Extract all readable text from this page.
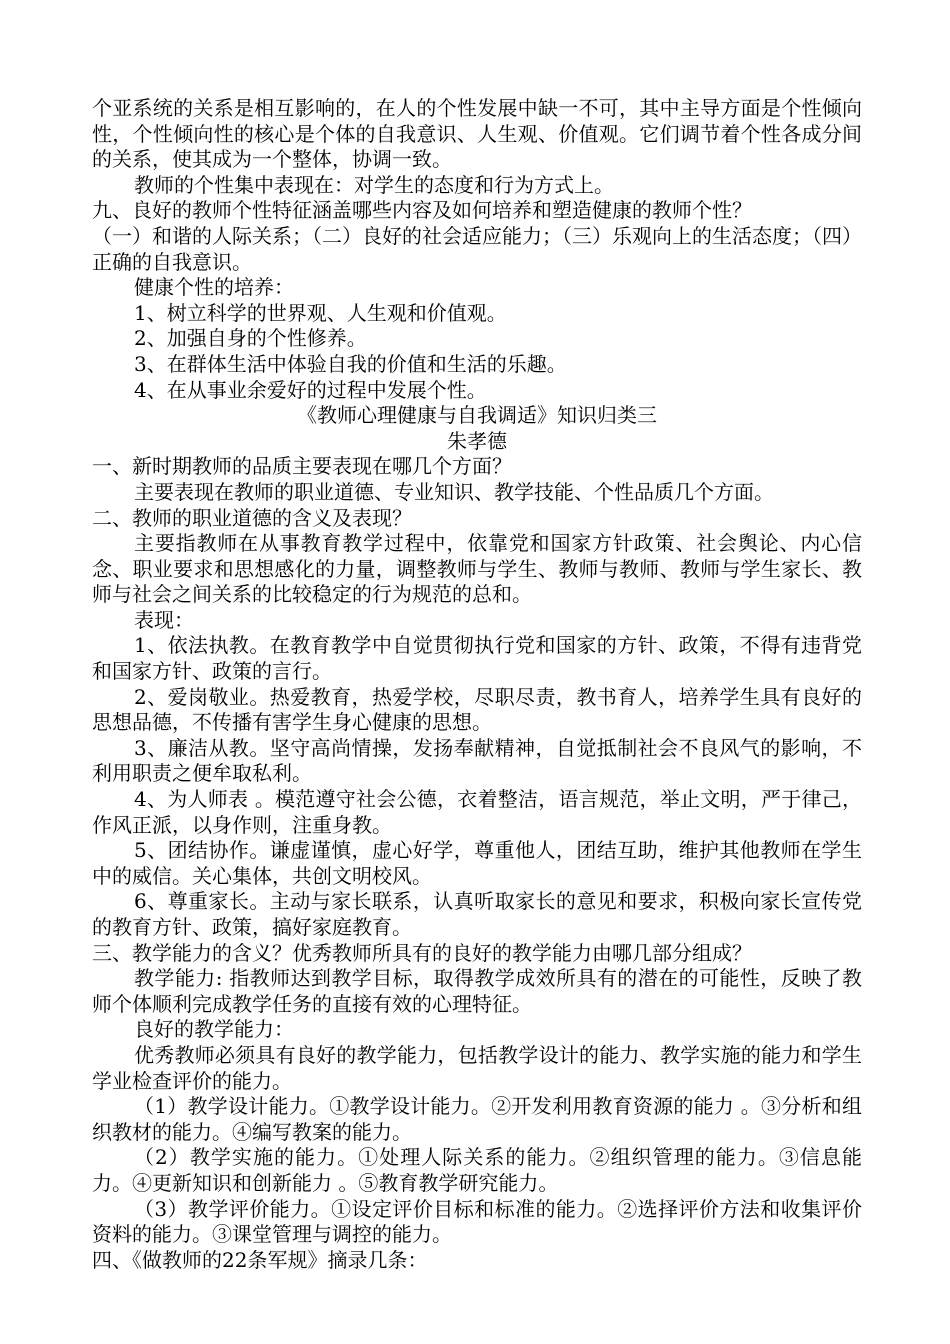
个亚系统的关系是相互影响的，在人的个性发展中缺一不可，其中主导方面是个性倾向性，个性倾向性的核心是个体的自我意识、人生观、价值观。它们调节着个性各成分间的关系，使其成为一个整体，协调一致。

教师的个性集中表现在：对学生的态度和行为方式上。

九、良好的教师个性特征涵盖哪些内容及如何培养和塑造健康的教师个性？

（一）和谐的人际关系；（二）良好的社会适应能力；（三）乐观向上的生活态度；（四）正确的自我意识。

健康个性的培养：

1、树立科学的世界观、人生观和价值观。

2、加强自身的个性修养。

3、在群体生活中体验自我的价值和生活的乐趣。

4、在从事业余爱好的过程中发展个性。

《教师心理健康与自我调适》知识归类三

朱孝德

一、新时期教师的品质主要表现在哪几个方面？

主要表现在教师的职业道德、专业知识、教学技能、个性品质几个方面。

二、教师的职业道德的含义及表现？

主要指教师在从事教育教学过程中，依靠党和国家方针政策、社会舆论、内心信念、职业要求和思想感化的力量，调整教师与学生、教师与教师、教师与学生家长、教师与社会之间关系的比较稳定的行为规范的总和。

表现：

1、依法执教。在教育教学中自觉贯彻执行党和国家的方针、政策，不得有违背党和国家方针、政策的言行。

2、爱岗敬业。热爱教育，热爱学校，尽职尽责，教书育人，培养学生具有良好的思想品德，不传播有害学生身心健康的思想。

3、廉洁从教。坚守高尚情操，发扬奉献精神，自觉抵制社会不良风气的影响，不利用职责之便牟取私利。

4、为人师表 。模范遵守社会公德，衣着整洁，语言规范，举止文明，严于律己，作风正派，以身作则，注重身教。

5、团结协作。谦虚谨慎，虚心好学，尊重他人，团结互助，维护其他教师在学生中的威信。关心集体，共创文明校风。

6、尊重家长。主动与家长联系，认真听取家长的意见和要求，积极向家长宣传党的教育方针、政策，搞好家庭教育。

三、教学能力的含义？优秀教师所具有的良好的教学能力由哪几部分组成？

教学能力: 指教师达到教学目标，取得教学成效所具有的潜在的可能性，反映了教师个体顺利完成教学任务的直接有效的心理特征。

良好的教学能力：

优秀教师必须具有良好的教学能力，包括教学设计的能力、教学实施的能力和学生学业检查评价的能力。

（1）教学设计能力。①教学设计能力。②开发利用教育资源的能力 。③分析和组织教材的能力。④编写教案的能力。

（2）教学实施的能力。①处理人际关系的能力。②组织管理的能力。③信息能力。④更新知识和创新能力 。⑤教育教学研究能力。

（3）教学评价能力。①设定评价目标和标准的能力。②选择评价方法和收集评价资料的能力。③课堂管理与调控的能力。

四、《做教师的22条军规》摘录几条：
